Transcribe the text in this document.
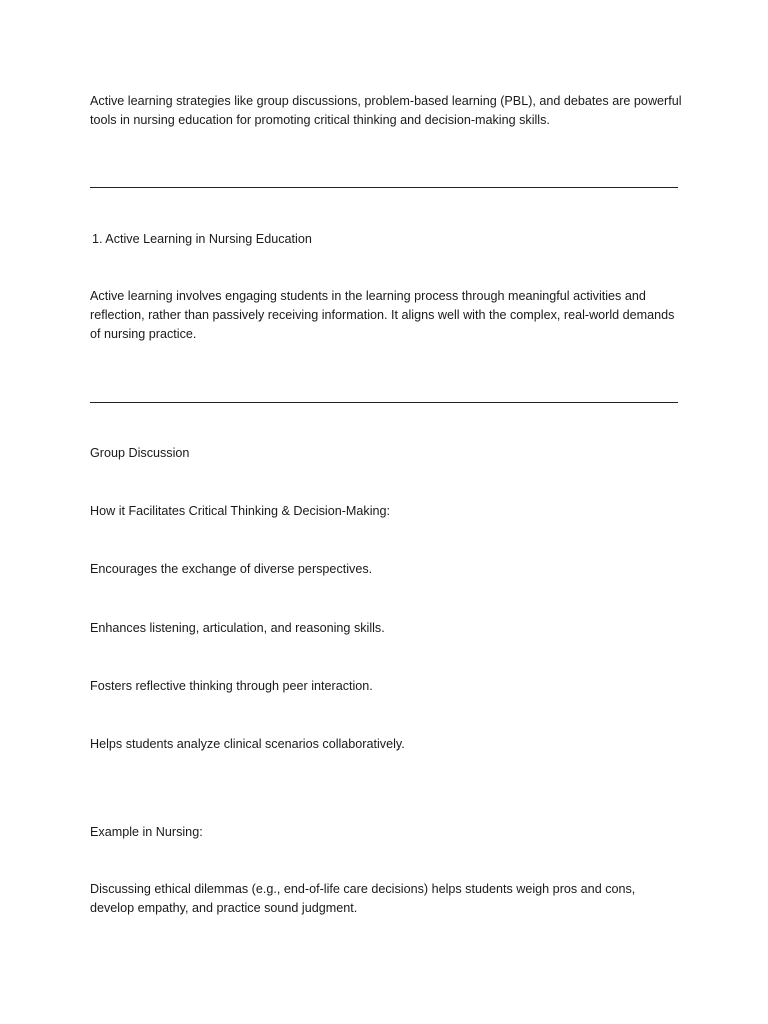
Active learning strategies like group discussions, problem-based learning (PBL), and debates are powerful tools in nursing education for promoting critical thinking and decision-making skills.

1. Active Learning in Nursing Education

Active learning involves engaging students in the learning process through meaningful activities and reflection, rather than passively receiving information. It aligns well with the complex, real-world demands of nursing practice.

Group Discussion

How it Facilitates Critical Thinking & Decision-Making:

Encourages the exchange of diverse perspectives.

Enhances listening, articulation, and reasoning skills.

Fosters reflective thinking through peer interaction.

Helps students analyze clinical scenarios collaboratively.

Example in Nursing:

Discussing ethical dilemmas (e.g., end-of-life care decisions) helps students weigh pros and cons, develop empathy, and practice sound judgment.
